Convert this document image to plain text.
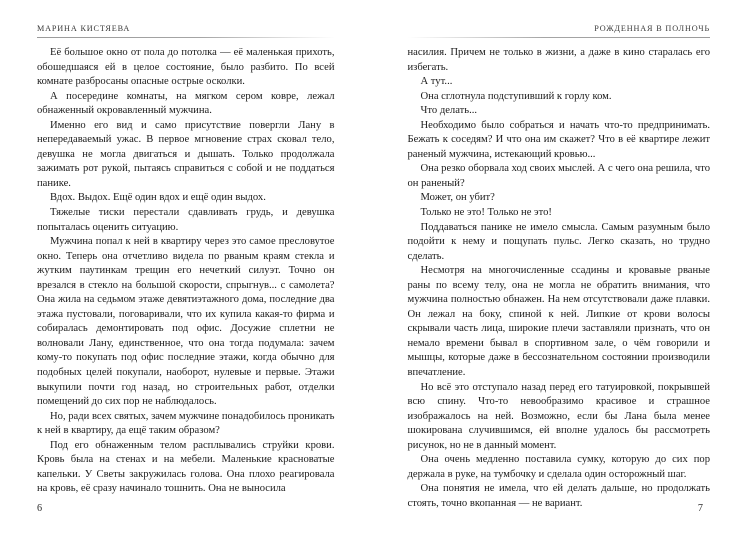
МАРИНА КИСТЯЕВА

Её большое окно от пола до потолка — её маленькая прихоть, обошедшаяся ей в целое состояние, было разбито. По всей комнате разбросаны опасные острые осколки.

А посередине комнаты, на мягком сером ковре, лежал обнаженный окровавленный мужчина.

Именно его вид и само присутствие повергли Лану в непередаваемый ужас. В первое мгновение страх сковал тело, девушка не могла двигаться и дышать. Только продолжала зажимать рот рукой, пытаясь справиться с собой и не поддаться панике.

Вдох. Выдох. Ещё один вдох и ещё один выдох.

Тяжелые тиски перестали сдавливать грудь, и девушка попыталась оценить ситуацию.

Мужчина попал к ней в квартиру через это самое пресловутое окно. Теперь она отчетливо видела по рваным краям стекла и жутким паутинкам трещин его нечеткий силуэт. Точно он врезался в стекло на большой скорости, спрыгнув... с самолета? Она жила на седьмом этаже девятиэтажного дома, последние два этажа пустовали, поговаривали, что их купила какая-то фирма и собиралась демонтировать под офис. Досужие сплетни не волновали Лану, единственное, что она тогда подумала: зачем кому-то покупать под офис последние этажи, когда обычно для подобных целей покупали, наоборот, нулевые и первые. Этажи выкупили почти год назад, но строительных работ, отделки помещений до сих пор не наблюдалось.

Но, ради всех святых, зачем мужчине понадобилось проникать к ней в квартиру, да ещё таким образом?

Под его обнаженным телом расплывались струйки крови. Кровь была на стенах и на мебели. Маленькие красноватые капельки. У Светы закружилась голова. Она плохо реагировала на кровь, её сразу начинало тошнить. Она не выносила

6
РОЖДЕННАЯ В ПОЛНОЧЬ

насилия. Причем не только в жизни, а даже в кино старалась его избегать.

А тут...

Она сглотнула подступивший к горлу ком.

Что делать...

Необходимо было собраться и начать что-то предпринимать. Бежать к соседям? И что она им скажет? Что в её квартире лежит раненый мужчина, истекающий кровью...

Она резко оборвала ход своих мыслей. А с чего она решила, что он раненый?

Может, он убит?

Только не это! Только не это!

Поддаваться панике не имело смысла. Самым разумным было подойти к нему и пощупать пульс. Легко сказать, но трудно сделать.

Несмотря на многочисленные ссадины и кровавые рваные раны по всему телу, она не могла не обратить внимания, что мужчина полностью обнажен. На нем отсутствовали даже плавки. Он лежал на боку, спиной к ней. Липкие от крови волосы скрывали часть лица, широкие плечи заставляли признать, что он немало времени бывал в спортивном зале, о чём говорили и мышцы, которые даже в бессознательном состоянии производили впечатление.

Но всё это отступало назад перед его татуировкой, покрывшей всю спину. Что-то невообразимо красивое и страшное изображалось на ней. Возможно, если бы Лана была менее шокирована случившимся, ей вполне удалось бы рассмотреть рисунок, но не в данный момент.

Она очень медленно поставила сумку, которую до сих пор держала в руке, на тумбочку и сделала один осторожный шаг.

Она понятия не имела, что ей делать дальше, но продолжать стоять, точно вкопанная — не вариант.	7
